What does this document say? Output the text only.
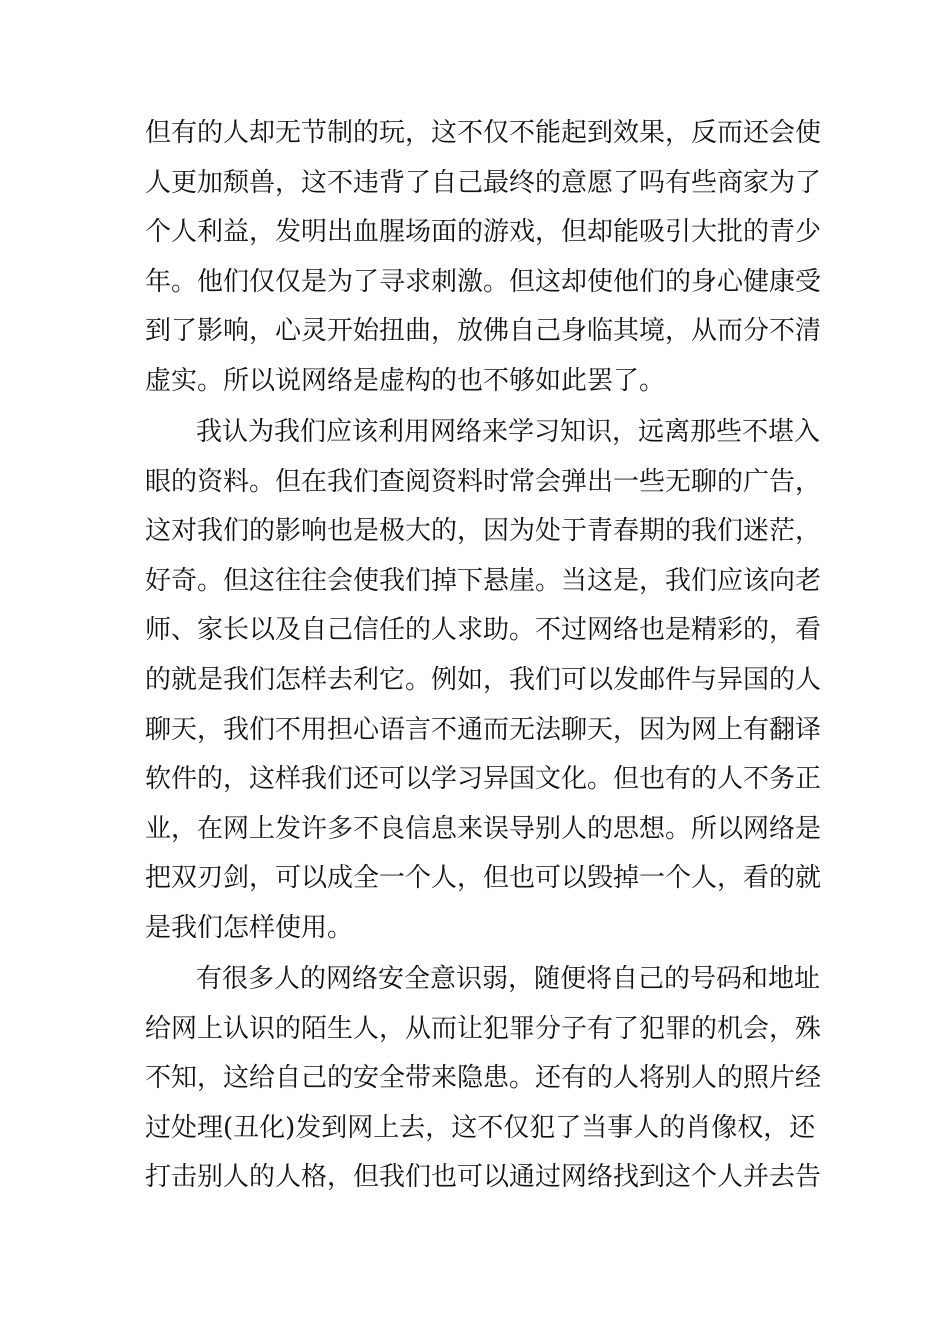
但有的人却无节制的玩，这不仅不能起到效果，反而还会使
人更加颓兽，这不违背了自己最终的意愿了吗有些商家为了
个人利益，发明出血腥场面的游戏，但却能吸引大批的青少
年。他们仅仅是为了寻求刺激。但这却使他们的身心健康受
到了影响，心灵开始扭曲，放佛自己身临其境，从而分不清
虚实。所以说网络是虚构的也不够如此罢了。
我认为我们应该利用网络来学习知识，远离那些不堪入
眼的资料。但在我们查阅资料时常会弹出一些无聊的广告，
这对我们的影响也是极大的，因为处于青春期的我们迷茫，
好奇。但这往往会使我们掉下悬崖。当这是，我们应该向老
师、家长以及自己信任的人求助。不过网络也是精彩的，看
的就是我们怎样去利它。例如，我们可以发邮件与异国的人
聊天，我们不用担心语言不通而无法聊天，因为网上有翻译
软件的，这样我们还可以学习异国文化。但也有的人不务正
业，在网上发许多不良信息来误导别人的思想。所以网络是
把双刃剑，可以成全一个人，但也可以毁掉一个人，看的就
是我们怎样使用。
有很多人的网络安全意识弱，随便将自己的号码和地址
给网上认识的陌生人，从而让犯罪分子有了犯罪的机会，殊
不知，这给自己的安全带来隐患。还有的人将别人的照片经
过处理(丑化)发到网上去，这不仅犯了当事人的肖像权，还
打击别人的人格，但我们也可以通过网络找到这个人并去告
